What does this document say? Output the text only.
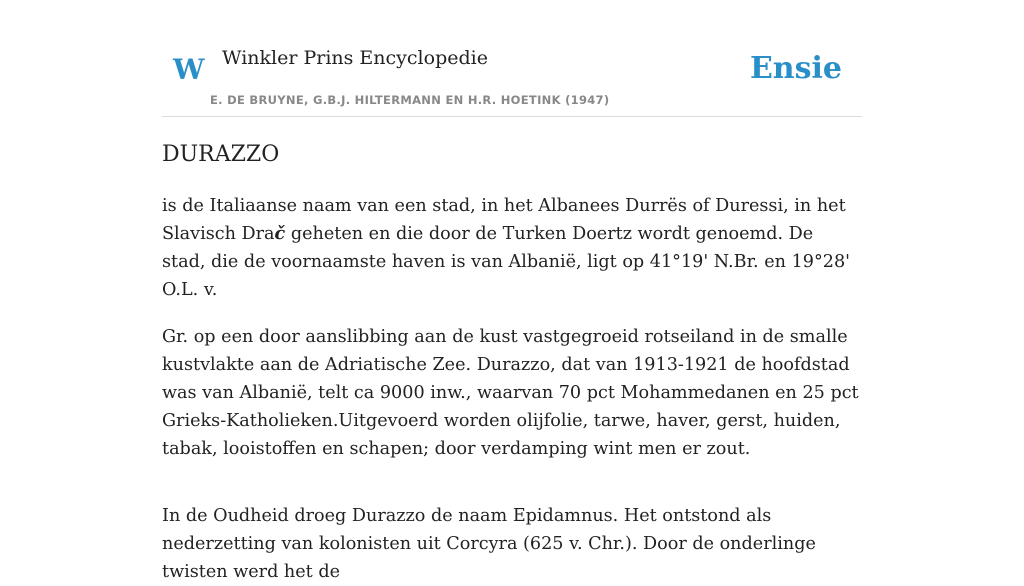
W Winkler Prins Encyclopedie	Ensie
E. DE BRUYNE, G.B.J. HILTERMANN EN H.R. HOETINK (1947)
DURAZZO

is de Italiaanse naam van een stad, in het Albanees Durrës of Duressi, in het Slavisch Drač geheten en die door de Turken Doertz wordt genoemd. De stad, die de voornaamste haven is van Albanië, ligt op 41°19' N.Br. en 19°28' O.L. v.

Gr. op een door aanslibbing aan de kust vastgegroeid rotseiland in de smalle kustvlakte aan de Adriatische Zee. Durazzo, dat van 1913-1921 de hoofdstad was van Albanië, telt ca 9000 inw., waarvan 70 pct Mohammedanen en 25 pct Grieks-Katholieken.Uitgevoerd worden olijfolie, tarwe, haver, gerst, huiden, tabak, looistoffen en schapen; door verdamping wint men er zout.

In de Oudheid droeg Durazzo de naam Epidamnus. Het ontstond als nederzetting van kolonisten uit Corcyra (625 v. Chr.). Door de onderlinge twisten werd het de
